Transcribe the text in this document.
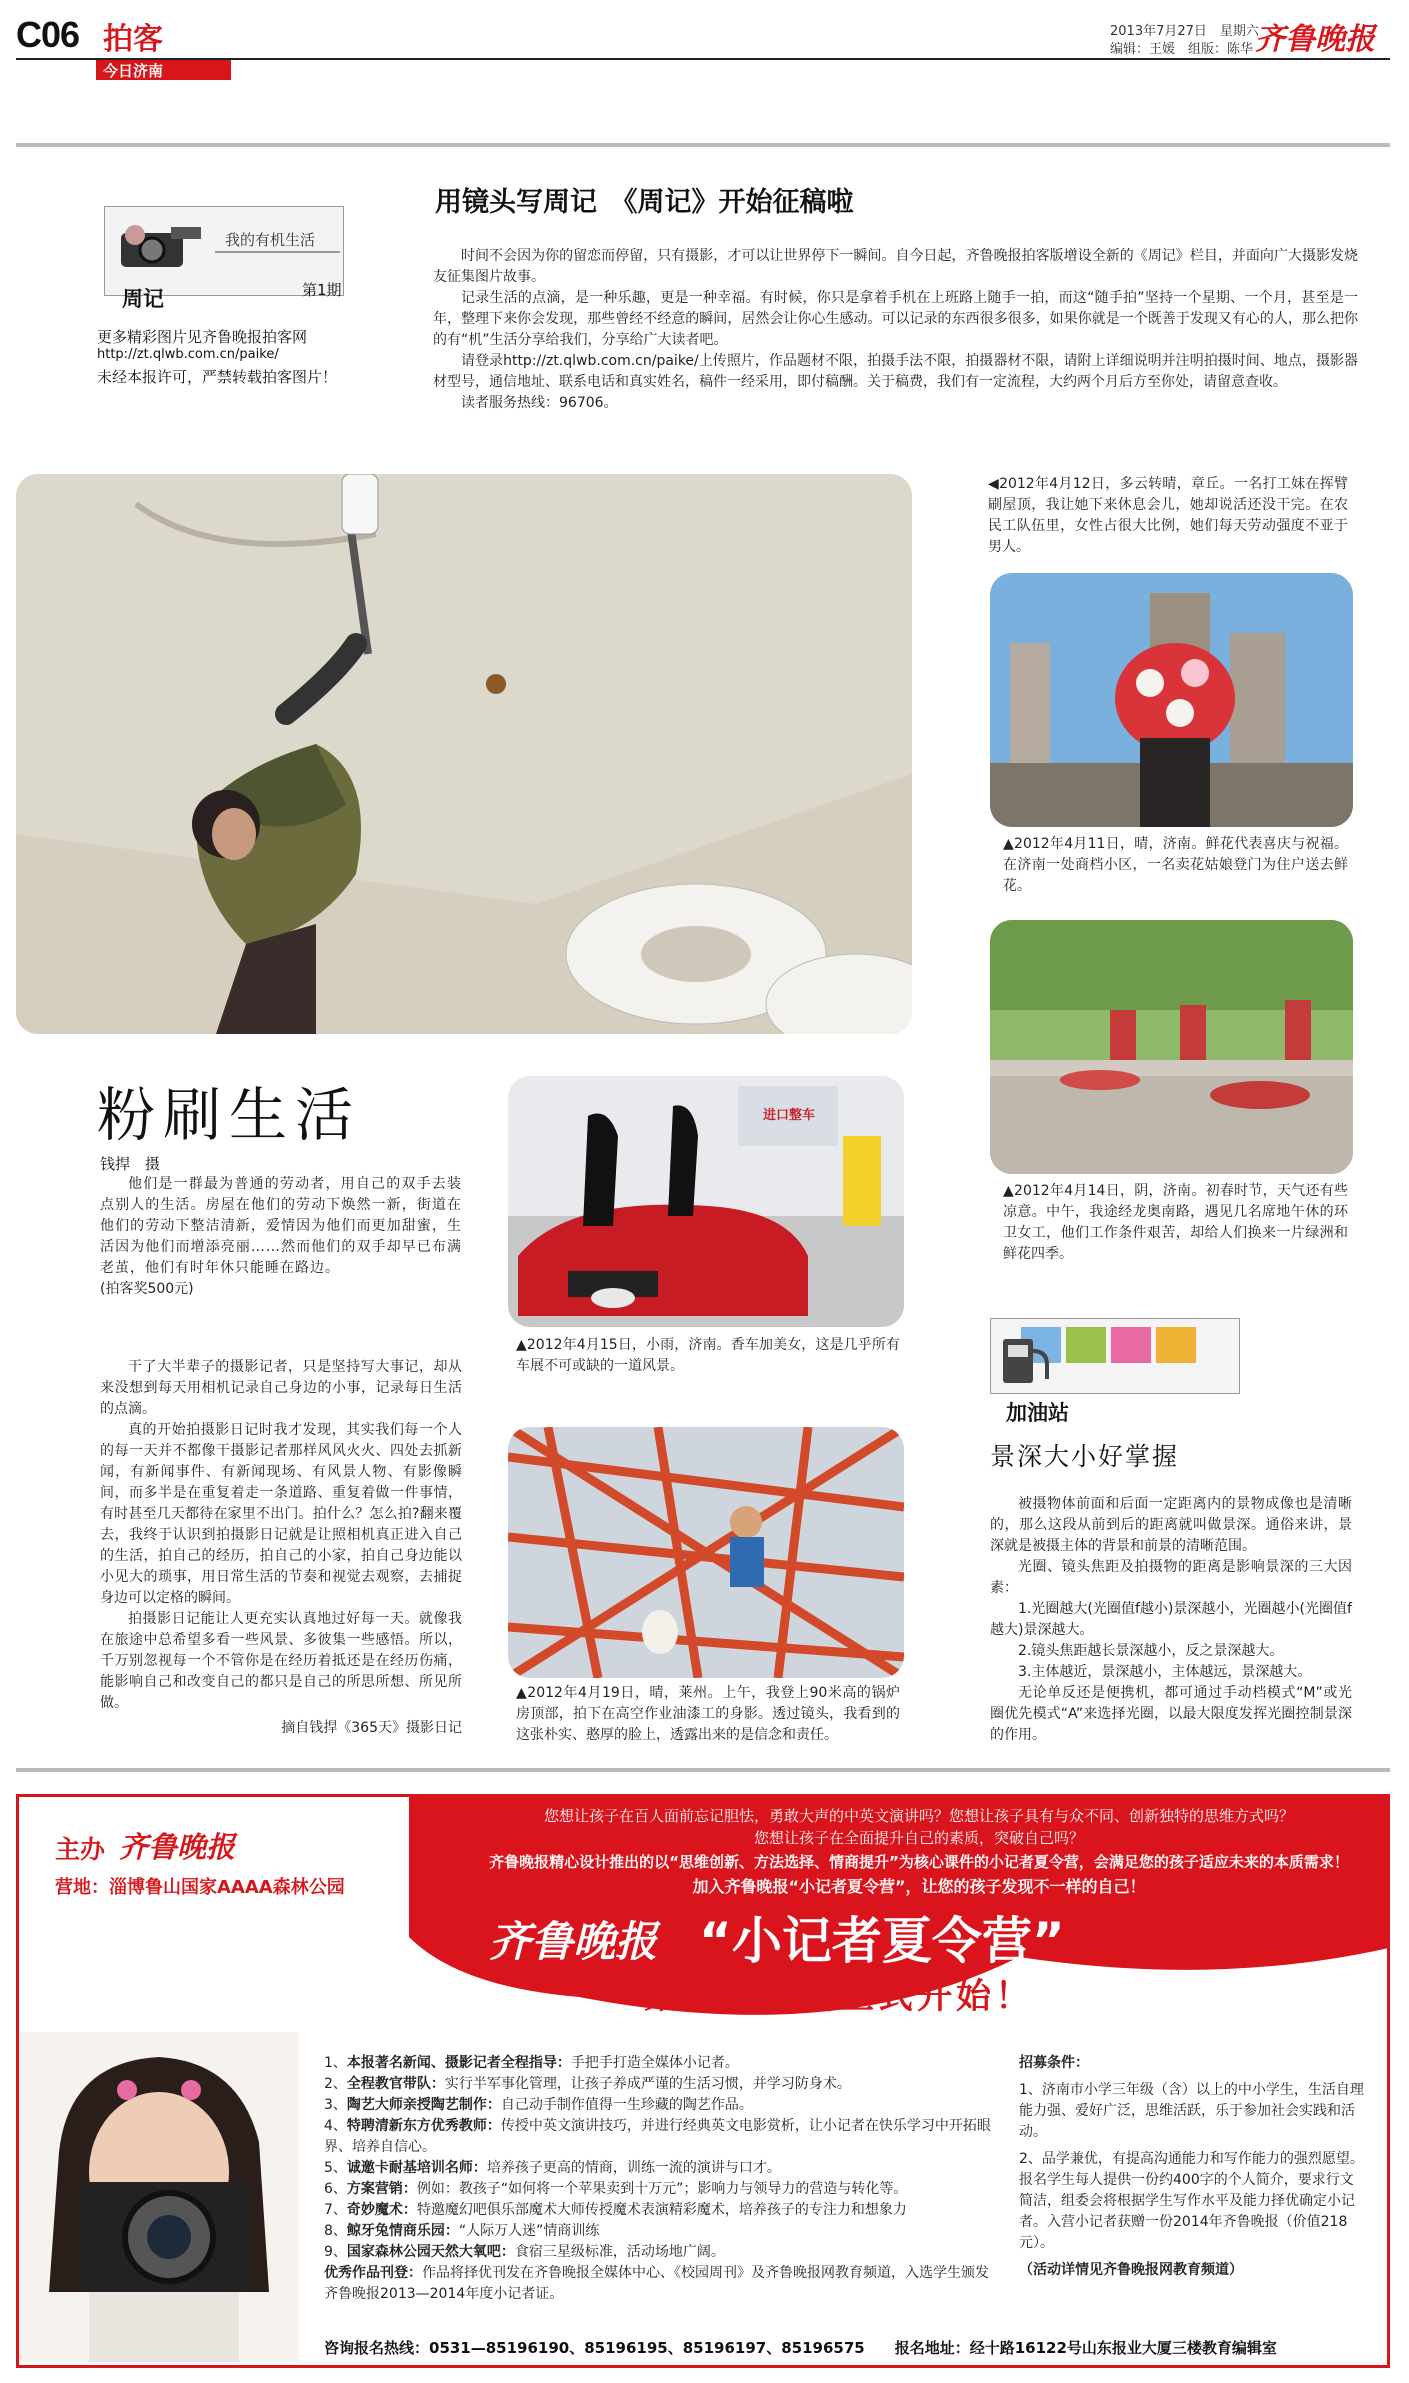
C06 拍客
今日济南
2013年7月27日　星期六
编辑：王媛　组版：陈华 齐鲁晚报
我的有机生活
周记	第1期
更多精彩图片见齐鲁晚报拍客网
http://zt.qlwb.com.cn/paike/
未经本报许可，严禁转载拍客图片！
用镜头写周记　《周记》开始征稿啦

时间不会因为你的留恋而停留，只有摄影，才可以让世界停下一瞬间。自今日起，齐鲁晚报拍客版增设全新的《周记》栏目，并面向广大摄影发烧友征集图片故事。

记录生活的点滴，是一种乐趣，更是一种幸福。有时候，你只是拿着手机在上班路上随手一拍，而这“随手拍”坚持一个星期、一个月，甚至是一年，整理下来你会发现，那些曾经不经意的瞬间，居然会让你心生感动。可以记录的东西很多很多，如果你就是一个既善于发现又有心的人，那么把你的有“机”生活分享给我们，分享给广大读者吧。

请登录http://zt.qlwb.com.cn/paike/上传照片，作品题材不限，拍摄手法不限，拍摄器材不限，请附上详细说明并注明拍摄时间、地点，摄影器材型号，通信地址、联系电话和真实姓名，稿件一经采用，即付稿酬。关于稿费，我们有一定流程，大约两个月后方至你处，请留意查收。

读者服务热线：96706。

粉刷生活
钱捍　摄

他们是一群最为普通的劳动者，用自己的双手去装点别人的生活。房屋在他们的劳动下焕然一新，街道在他们的劳动下整洁清新，爱情因为他们而更加甜蜜，生活因为他们而增添亮丽……然而他们的双手却早已布满老茧，他们有时年休只能睡在路边。

(拍客奖500元)

干了大半辈子的摄影记者，只是坚持写大事记，却从来没想到每天用相机记录自己身边的小事，记录每日生活的点滴。

真的开始拍摄影日记时我才发现，其实我们每一个人的每一天并不都像干摄影记者那样风风火火、四处去抓新闻，有新闻事件、有新闻现场、有风景人物、有影像瞬间，而多半是在重复着走一条道路、重复着做一件事情，有时甚至几天都待在家里不出门。拍什么？怎么拍?翻来覆去，我终于认识到拍摄影日记就是让照相机真正进入自己的生活，拍自己的经历，拍自己的小家，拍自己身边能以小见大的琐事，用日常生活的节奏和视觉去观察，去捕捉身边可以定格的瞬间。

拍摄影日记能让人更充实认真地过好每一天。就像我在旅途中总希望多看一些风景、多彼集一些感悟。所以，千万别忽视每一个不管你是在经历着抵还是在经历伤痛，能影响自己和改变自己的都只是自己的所思所想、所见所做。

摘自钱捍《365天》摄影日记

◀2012年4月12日，多云转晴，章丘。一名打工妹在挥臂刷屋顶，我让她下来休息会儿，她却说活还没干完。在农民工队伍里，女性占很大比例，她们每天劳动强度不亚于男人。
▲2012年4月11日，晴，济南。鲜花代表喜庆与祝福。在济南一处商档小区，一名卖花姑娘登门为住户送去鲜花。
▲2012年4月14日，阴，济南。初春时节，天气还有些凉意。中午，我途经龙奥南路，遇见几名席地午休的环卫女工，他们工作条件艰苦，却给人们换来一片绿洲和鲜花四季。
进口整车
▲2012年4月15日，小雨，济南。香车加美女，这是几乎所有车展不可或缺的一道风景。
▲2012年4月19日，晴，莱州。上午，我登上90米高的锅炉房顶部，拍下在高空作业油漆工的身影。透过镜头，我看到的这张朴实、憨厚的脸上，透露出来的是信念和责任。
加油站
景深大小好掌握

被摄物体前面和后面一定距离内的景物成像也是清晰的，那么这段从前到后的距离就叫做景深。通俗来讲，景深就是被摄主体的背景和前景的清晰范围。

光圈、镜头焦距及拍摄物的距离是影响景深的三大因素：

1.光圈越大(光圈值f越小)景深越小，光圈越小(光圈值f越大)景深越大。

2.镜头焦距越长景深越小，反之景深越大。

3.主体越近，景深越小，主体越远，景深越大。

无论单反还是便携机，都可通过手动档模式“M”或光圈优先模式“A”来选择光圈，以最大限度发挥光圈控制景深的作用。

主办 齐鲁晚报
营地：淄博鲁山国家AAAA森林公园
您想让孩子在百人面前忘记胆怯，勇敢大声的中英文演讲吗？您想让孩子具有与众不同、创新独特的思维方式吗？
您想让孩子在全面提升自己的素质，突破自己吗？
齐鲁晚报精心设计推出的以“思维创新、方法选择、情商提升”为核心课件的小记者夏令营，会满足您的孩子适应未来的本质需求！
加入齐鲁晚报“小记者夏令营”，让您的孩子发现不一样的自己！
齐鲁晚报 “小记者夏令营”
第二批报名正式开始！
1、本报著名新闻、摄影记者全程指导：手把手打造全媒体小记者。
2、全程教官带队：实行半军事化管理，让孩子养成严谨的生活习惯，并学习防身术。
3、陶艺大师亲授陶艺制作：自己动手制作值得一生珍藏的陶艺作品。
4、特聘清新东方优秀教师：传授中英文演讲技巧，并进行经典英文电影赏析，让小记者在快乐学习中开拓眼界、培养自信心。
5、诚邀卡耐基培训名师：培养孩子更高的情商，训练一流的演讲与口才。
6、方案营销：例如：教孩子“如何将一个苹果卖到十万元”；影响力与领导力的营造与转化等。
7、奇妙魔术：特邀魔幻吧俱乐部魔术大师传授魔术表演精彩魔术，培养孩子的专注力和想象力
8、鲸牙兔情商乐园：“人际万人迷”情商训练
9、国家森林公园天然大氧吧：食宿三星级标准，活动场地广阔。
优秀作品刊登：作品将择优刊发在齐鲁晚报全媒体中心、《校园周刊》及齐鲁晚报网教育频道，入选学生颁发齐鲁晚报2013—2014年度小记者证。
招募条件：
1、济南市小学三年级（含）以上的中小学生，生活自理能力强、爱好广泛，思维活跃，乐于参加社会实践和活动。
2、品学兼优，有提高沟通能力和写作能力的强烈愿望。报名学生每人提供一份约400字的个人简介，要求行文简洁，组委会将根据学生写作水平及能力择优确定小记者。入营小记者获赠一份2014年齐鲁晚报（价值218元）。
（活动详情见齐鲁晚报网教育频道）
咨询报名热线：0531—85196190、85196195、85196197、85196575　　报名地址：经十路16122号山东报业大厦三楼教育编辑室
